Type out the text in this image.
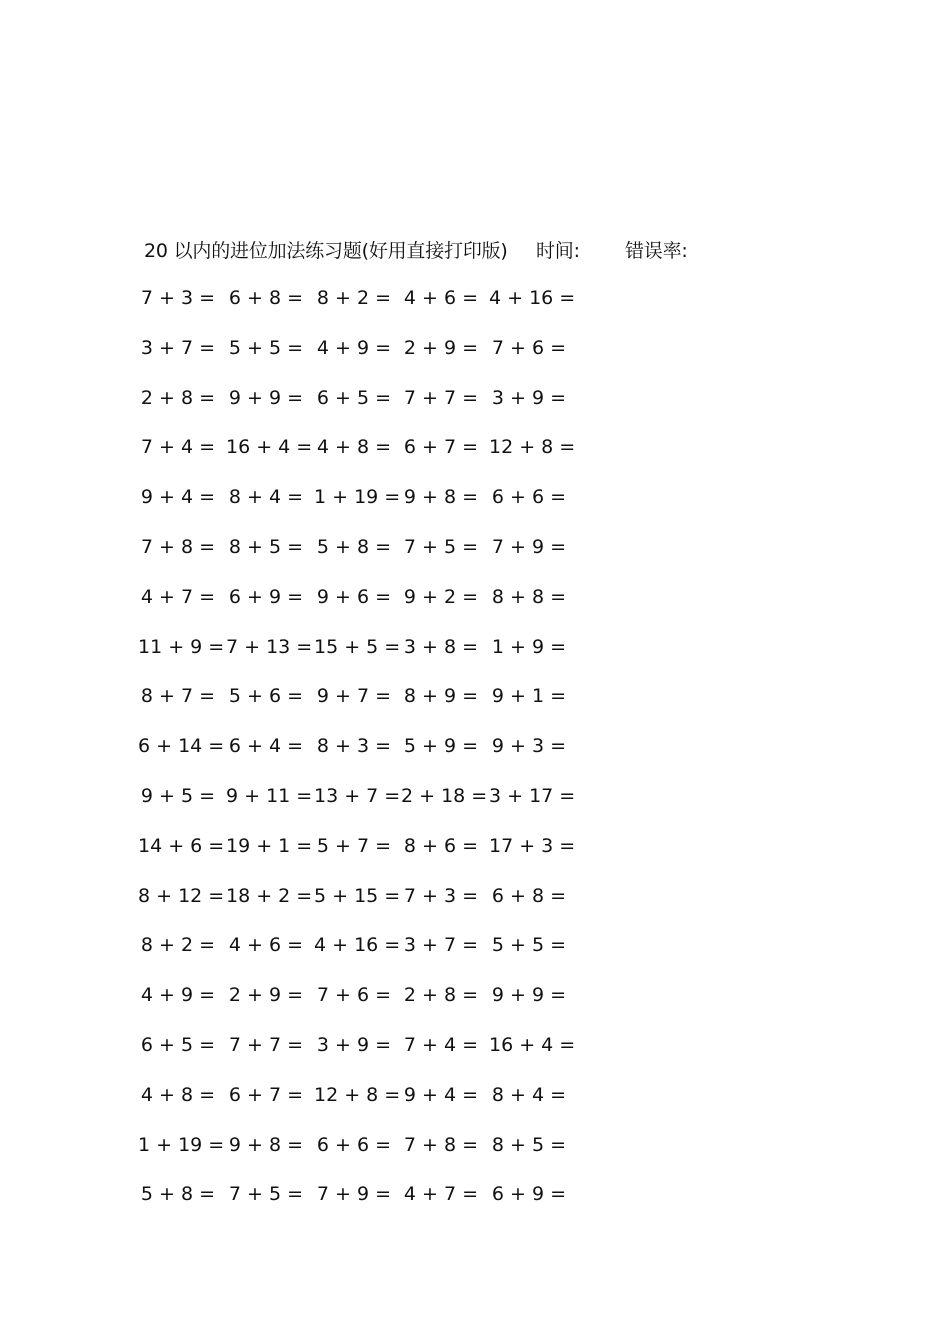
20 以内的进位加法练习题(好用直接打印版) 时间: 错误率:
7 + 3 = 6 + 8 = 8 + 2 = 4 + 6 = 4 + 16 =
3 + 7 = 5 + 5 = 4 + 9 = 2 + 9 = 7 + 6 =
2 + 8 = 9 + 9 = 6 + 5 = 7 + 7 = 3 + 9 =
7 + 4 = 16 + 4 = 4 + 8 = 6 + 7 = 12 + 8 =
9 + 4 = 8 + 4 = 1 + 19 = 9 + 8 = 6 + 6 =
7 + 8 = 8 + 5 = 5 + 8 = 7 + 5 = 7 + 9 =
4 + 7 = 6 + 9 = 9 + 6 = 9 + 2 = 8 + 8 =
11 + 9 = 7 + 13 = 15 + 5 = 3 + 8 = 1 + 9 =
8 + 7 = 5 + 6 = 9 + 7 = 8 + 9 = 9 + 1 =
6 + 14 = 6 + 4 = 8 + 3 = 5 + 9 = 9 + 3 =
9 + 5 = 9 + 11 = 13 + 7 = 2 + 18 = 3 + 17 =
14 + 6 = 19 + 1 = 5 + 7 = 8 + 6 = 17 + 3 =
8 + 12 = 18 + 2 = 5 + 15 = 7 + 3 = 6 + 8 =
8 + 2 = 4 + 6 = 4 + 16 = 3 + 7 = 5 + 5 =
4 + 9 = 2 + 9 = 7 + 6 = 2 + 8 = 9 + 9 =
6 + 5 = 7 + 7 = 3 + 9 = 7 + 4 = 16 + 4 =
4 + 8 = 6 + 7 = 12 + 8 = 9 + 4 = 8 + 4 =
1 + 19 = 9 + 8 = 6 + 6 = 7 + 8 = 8 + 5 =
5 + 8 = 7 + 5 = 7 + 9 = 4 + 7 = 6 + 9 =
